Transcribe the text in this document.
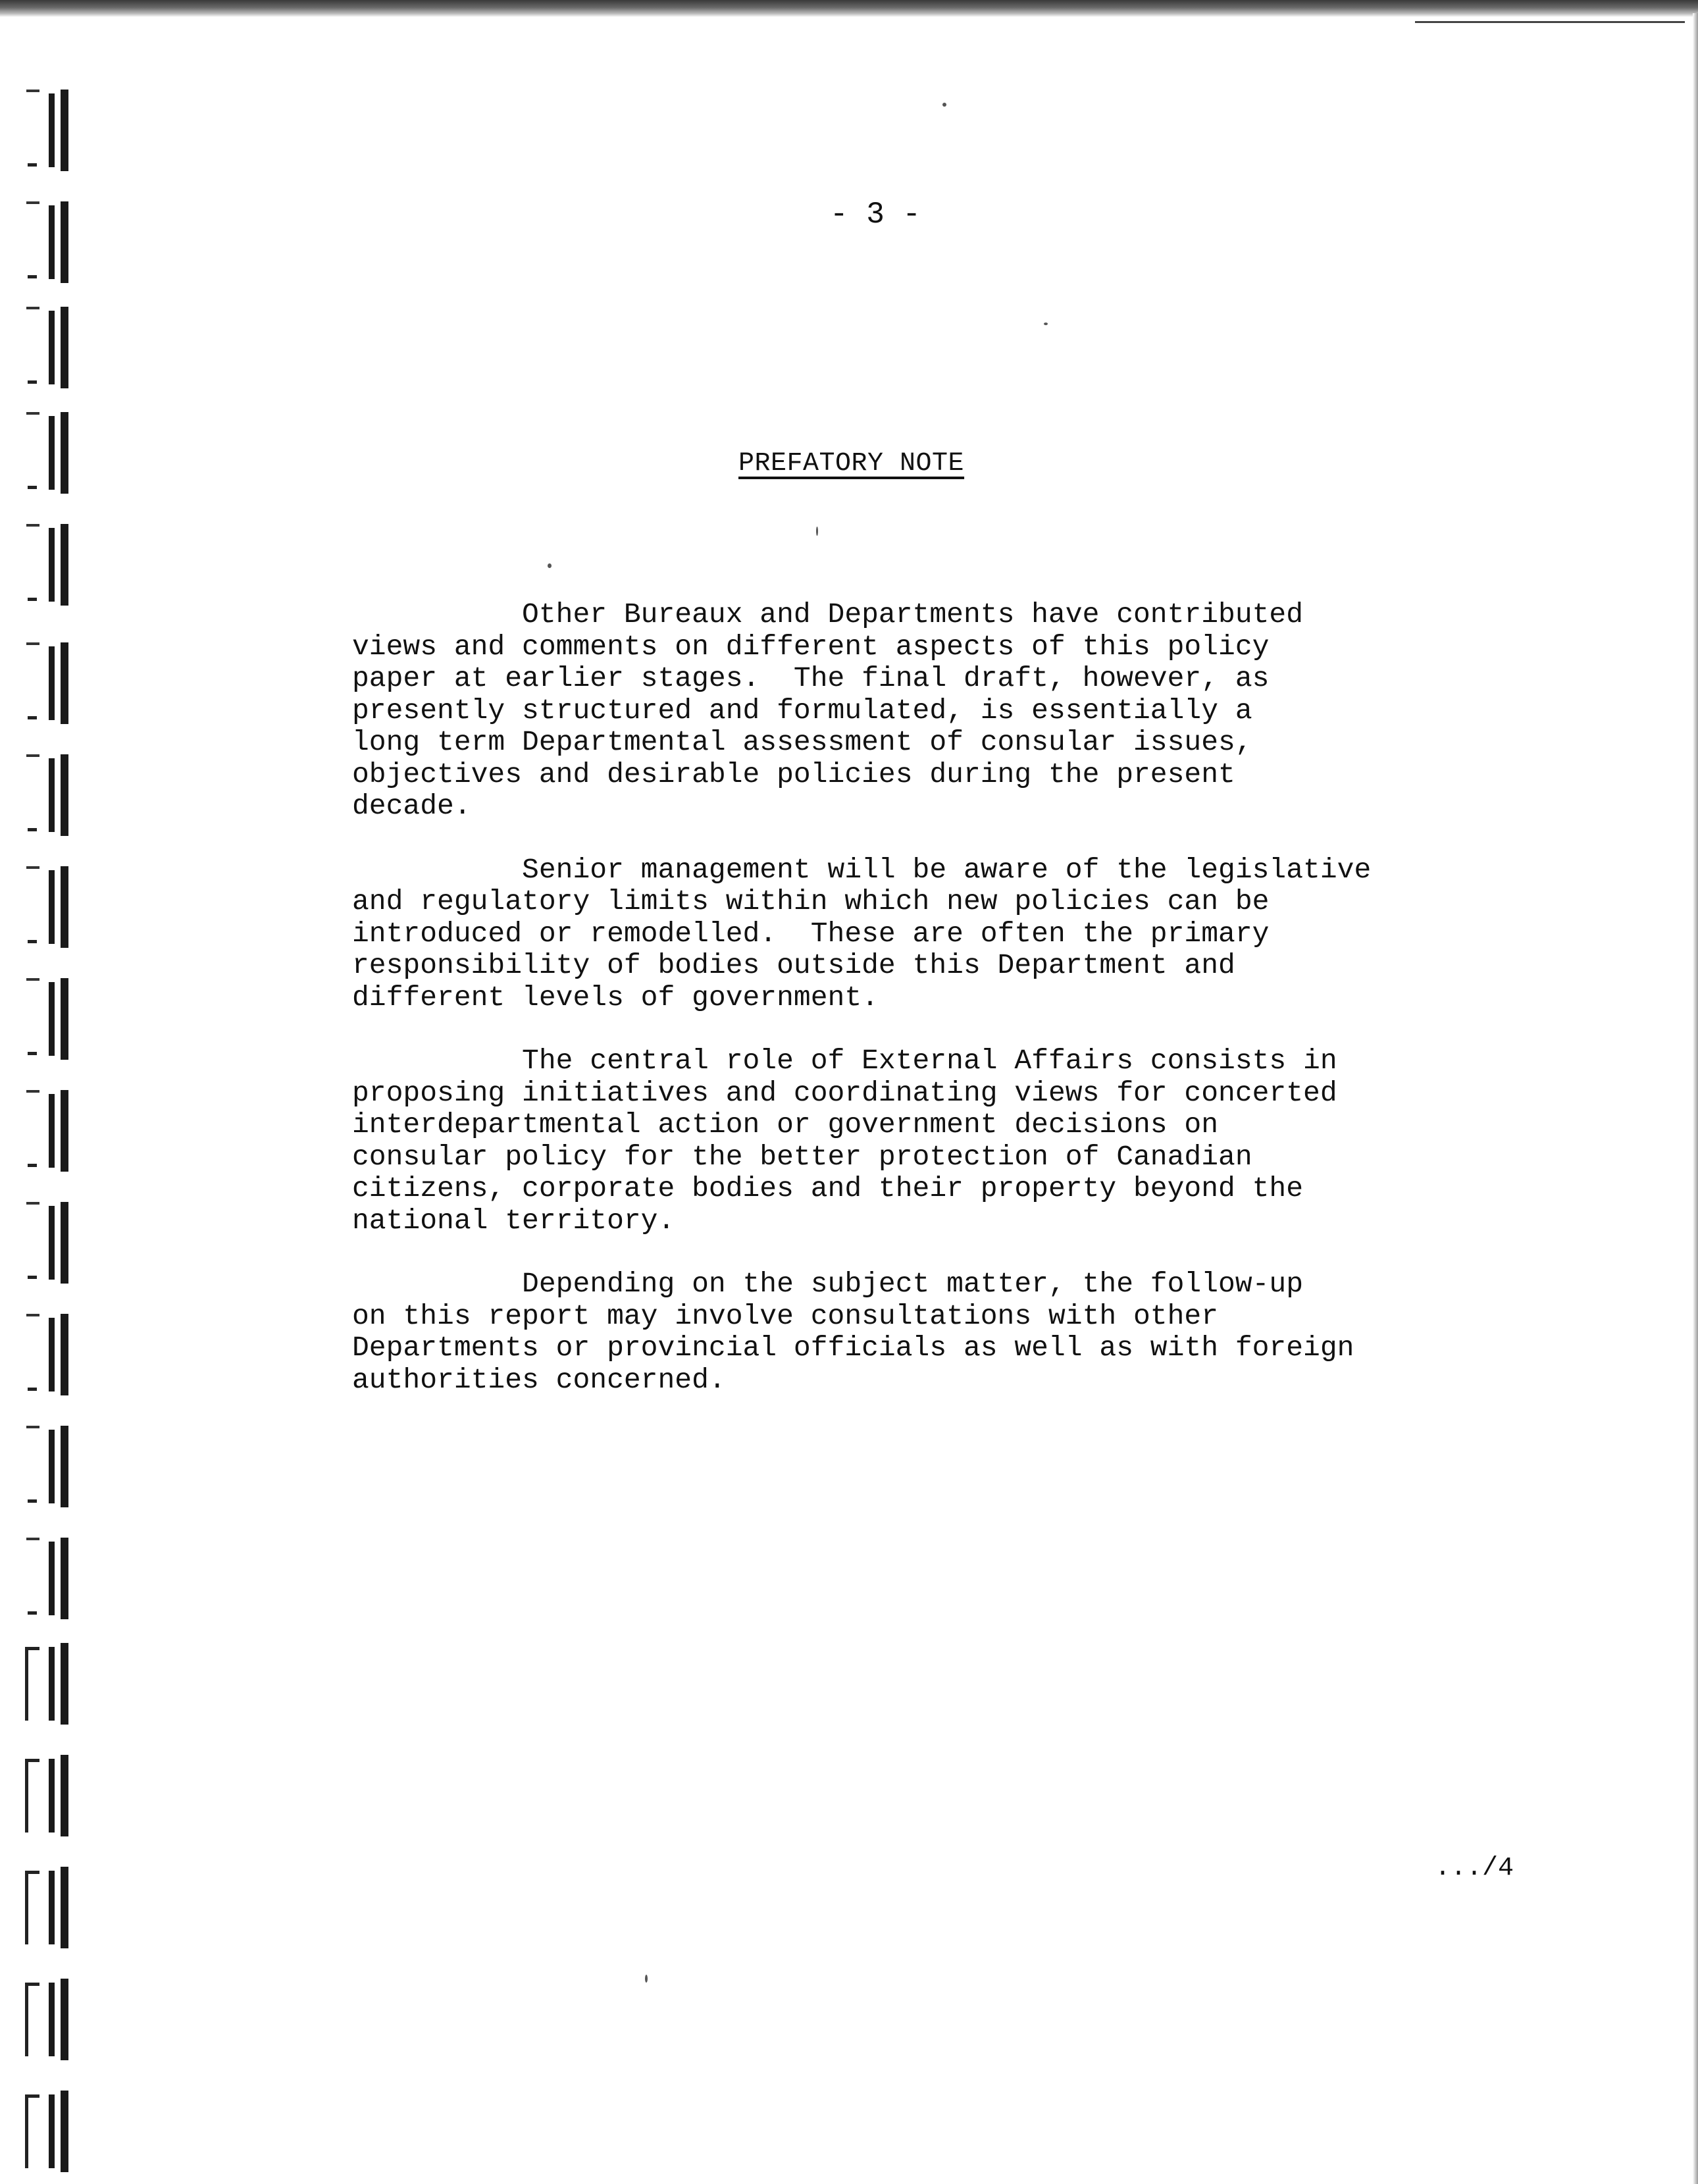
- 3 -
PREFATORY NOTE

Other Bureaux and Departments have contributed
views and comments on different aspects of this policy
paper at earlier stages.  The final draft, however, as
presently structured and formulated, is essentially a
long term Departmental assessment of consular issues,
objectives and desirable policies during the present
decade.

Senior management will be aware of the legislative
and regulatory limits within which new policies can be
introduced or remodelled.  These are often the primary
responsibility of bodies outside this Department and
different levels of government.

The central role of External Affairs consists in
proposing initiatives and coordinating views for concerted
interdepartmental action or government decisions on
consular policy for the better protection of Canadian
citizens, corporate bodies and their property beyond the
national territory.

Depending on the subject matter, the follow-up
on this report may involve consultations with other
Departments or provincial officials as well as with foreign
authorities concerned.

.../4
